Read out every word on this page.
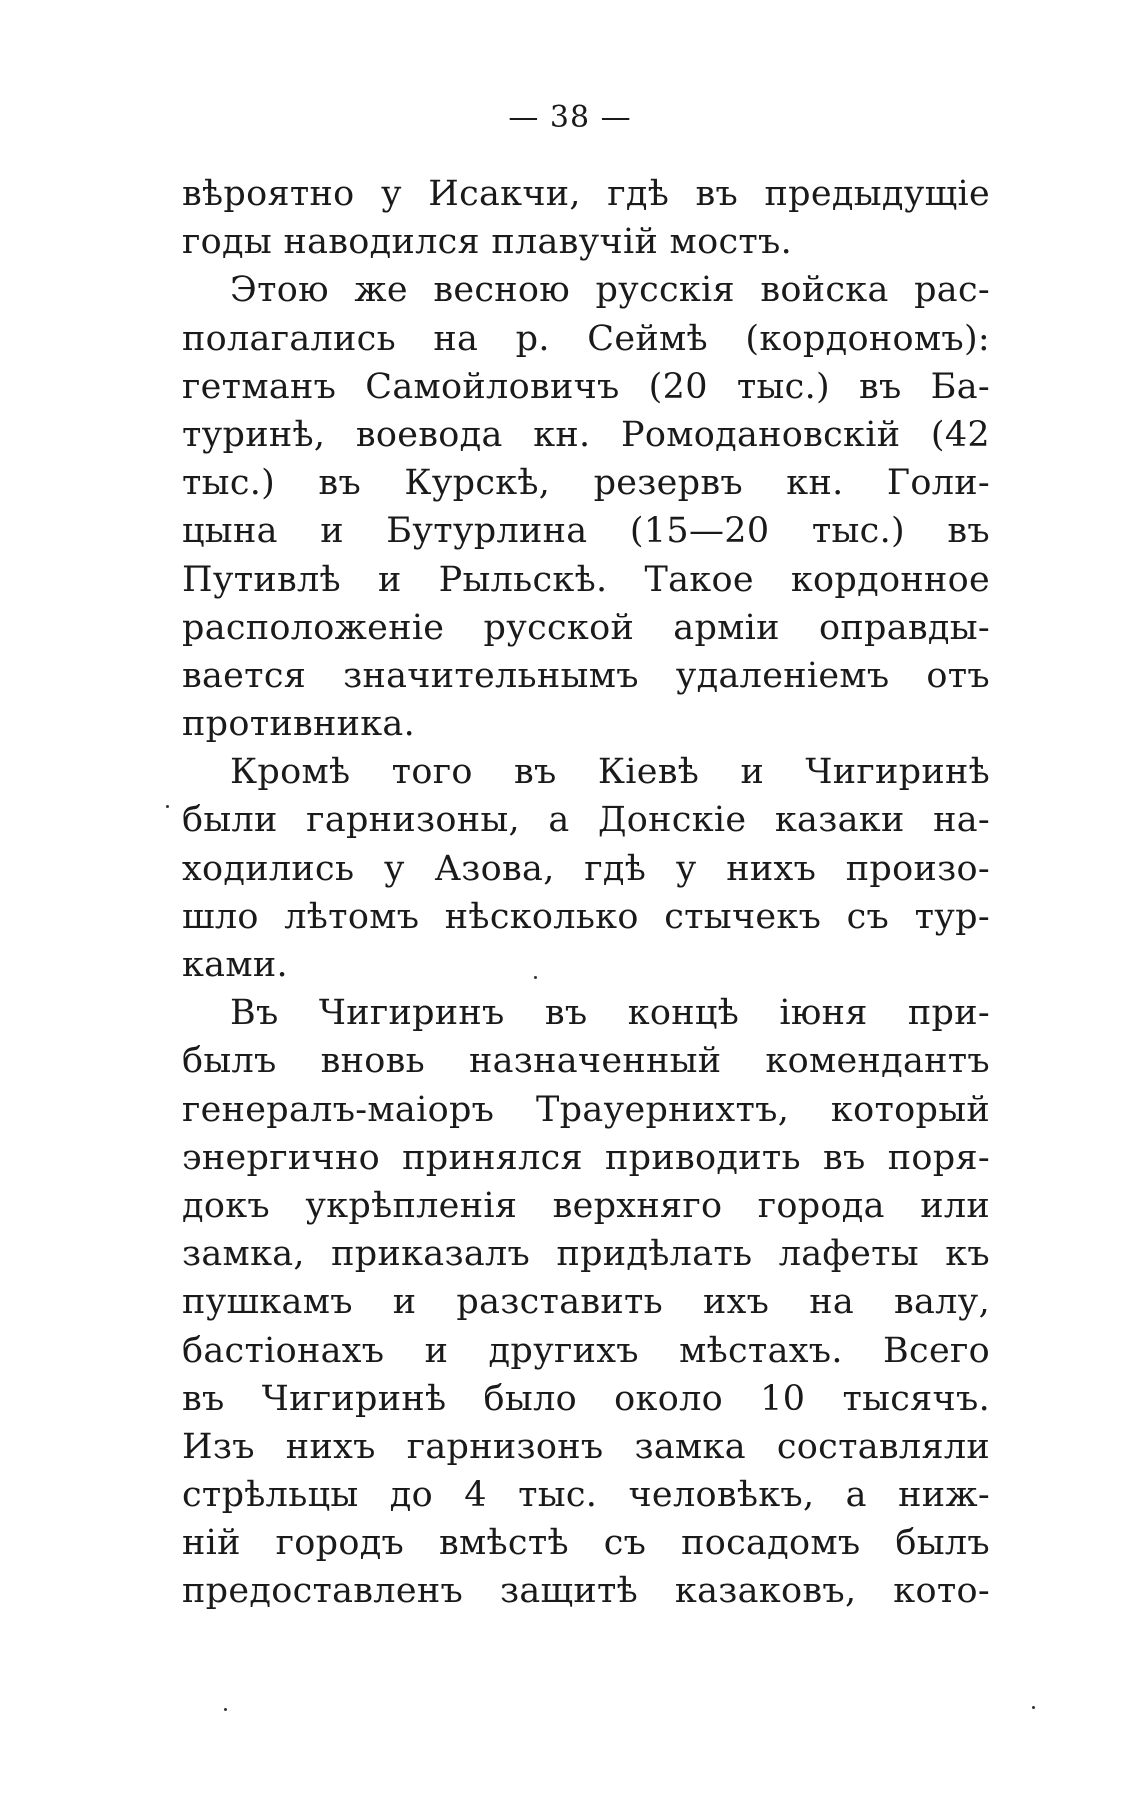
— 38 —
вѣроятно у Исакчи, гдѣ въ предыдущіе
годы наводился плавучій мостъ.
Этою же весною русскія войска рас-
полагались на р. Сеймѣ (кордономъ):
гетманъ Самойловичъ (20 тыс.) въ Ба-
туринѣ, воевода кн. Ромодановскій (42
тыс.) въ Курскѣ, резервъ кн. Голи-
цына и Бутурлина (15—20 тыс.) въ
Путивлѣ и Рыльскѣ. Такое кордонное
расположеніе русской арміи оправды-
вается значительнымъ удаленіемъ отъ
противника.
Кромѣ того въ Кіевѣ и Чигиринѣ
были гарнизоны, а Донскіе казаки на-
ходились у Азова, гдѣ у нихъ произо-
шло лѣтомъ нѣсколько стычекъ съ тур-
ками.
Въ Чигиринъ въ концѣ іюня при-
былъ вновь назначенный комендантъ
генералъ-маіоръ Трауернихтъ, который
энергично принялся приводить въ поря-
докъ укрѣпленія верхняго города или
замка, приказалъ придѣлать лафеты къ
пушкамъ и разставить ихъ на валу,
бастіонахъ и другихъ мѣстахъ. Всего
въ Чигиринѣ было около 10 тысячъ.
Изъ нихъ гарнизонъ замка составляли
стрѣльцы до 4 тыс. человѣкъ, а ниж-
ній городъ вмѣстѣ съ посадомъ былъ
предоставленъ защитѣ казаковъ, кото-
